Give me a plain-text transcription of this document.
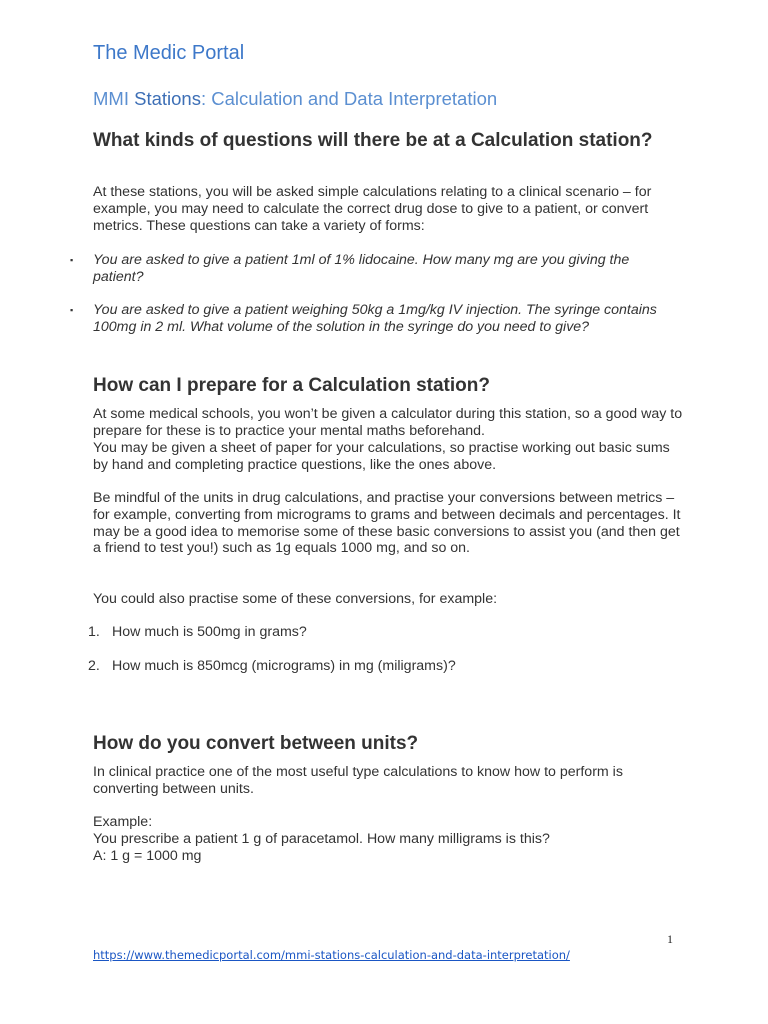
The Medic Portal
MMI Stations: Calculation and Data Interpretation
What kinds of questions will there be at a Calculation station?

At these stations, you will be asked simple calculations relating to a clinical scenario – for example, you may need to calculate the correct drug dose to give to a patient, or convert metrics. These questions can take a variety of forms:

▪ You are asked to give a patient 1ml of 1% lidocaine. How many mg are you giving the patient?

▪ You are asked to give a patient weighing 50kg a 1mg/kg IV injection. The syringe contains 100mg in 2 ml. What volume of the solution in the syringe do you need to give?

How can I prepare for a Calculation station?

At some medical schools, you won’t be given a calculator during this station, so a good way to prepare for these is to practice your mental maths beforehand.

You may be given a sheet of paper for your calculations, so practise working out basic sums by hand and completing practice questions, like the ones above.

Be mindful of the units in drug calculations, and practise your conversions between metrics – for example, converting from micrograms to grams and between decimals and percentages. It may be a good idea to memorise some of these basic conversions to assist you (and then get a friend to test you!) such as 1g equals 1000 mg, and so on.

You could also practise some of these conversions, for example:

1. How much is 500mg in grams?
2. How much is 850mcg (micrograms) in mg (miligrams)?
How do you convert between units?

In clinical practice one of the most useful type calculations to know how to perform is converting between units.

Example:

You prescribe a patient 1 g of paracetamol. How many milligrams is this?

A: 1 g = 1000 mg

1
https://www.themedicportal.com/mmi-stations-calculation-and-data-interpretation/
